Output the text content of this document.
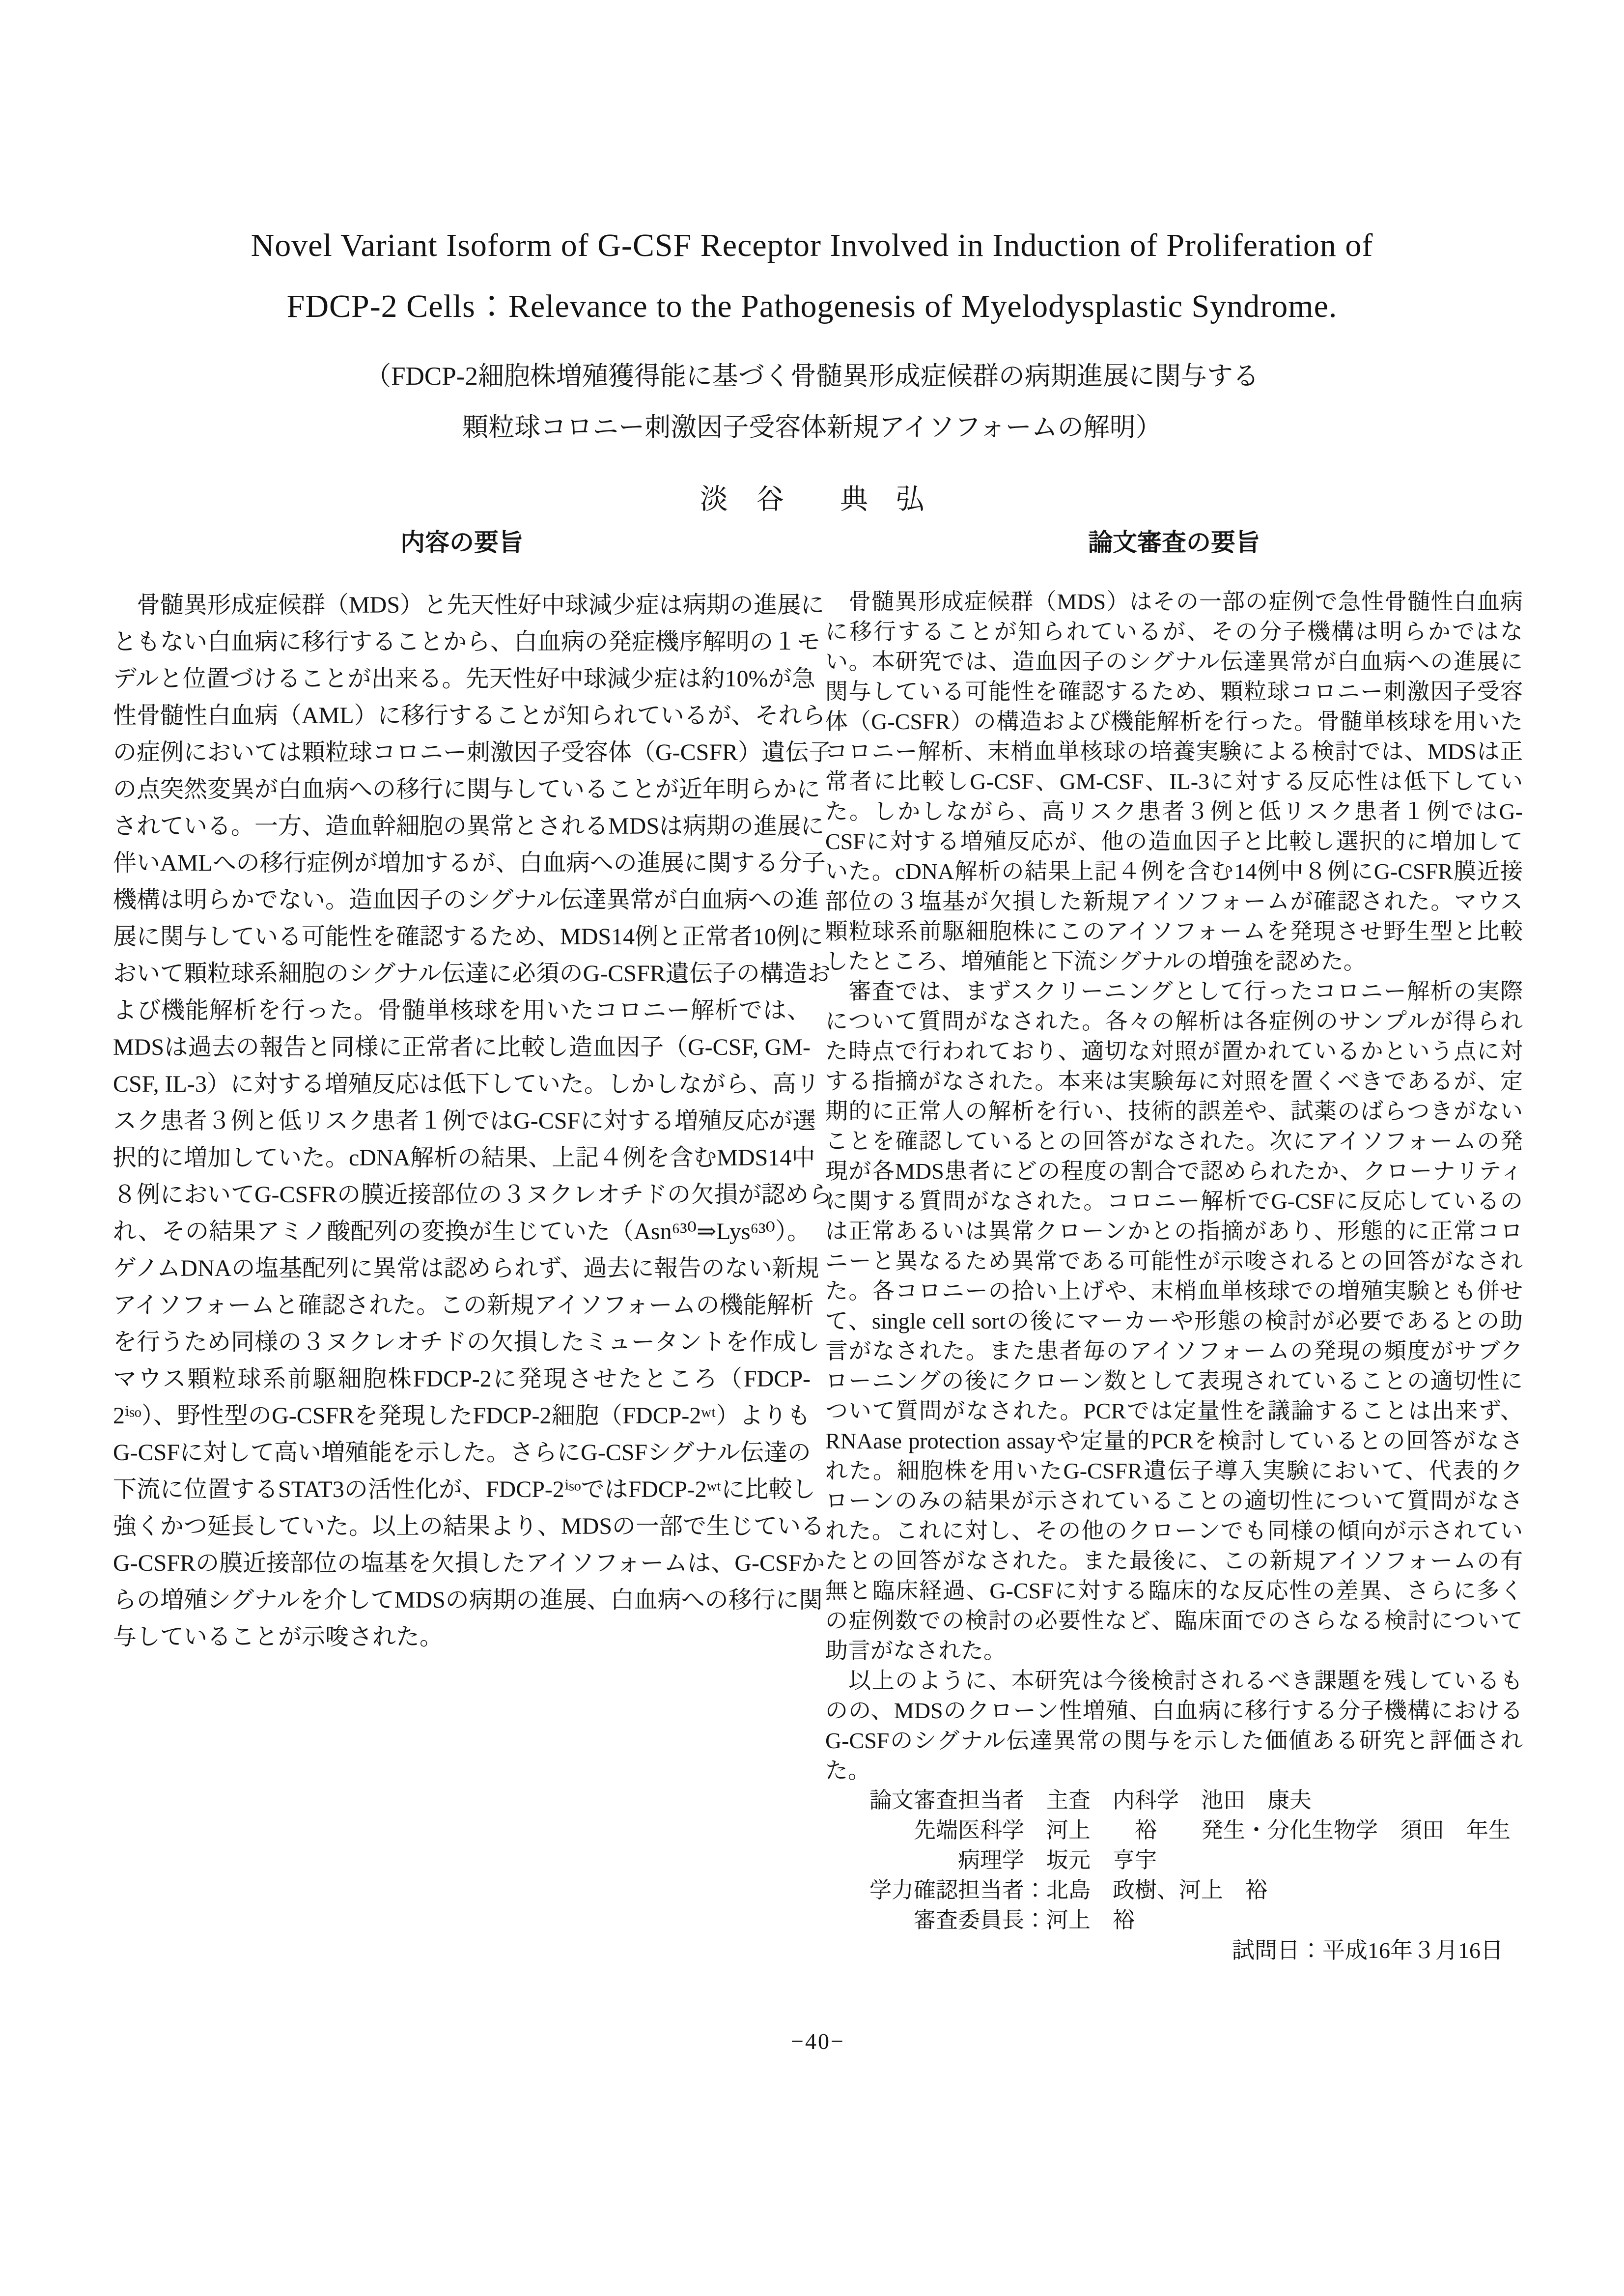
Novel Variant Isoform of G-CSF Receptor Involved in Induction of Proliferation of
FDCP-2 Cells：Relevance to the Pathogenesis of Myelodysplastic Syndrome.
（FDCP-2細胞株増殖獲得能に基づく骨髄異形成症候群の病期進展に関与する
顆粒球コロニー刺激因子受容体新規アイソフォームの解明）
淡　谷　　典　弘
内容の要旨
　骨髄異形成症候群（MDS）と先天性好中球減少症は病期の進展に
ともない白血病に移行することから、白血病の発症機序解明の１モ
デルと位置づけることが出来る。先天性好中球減少症は約10%が急
性骨髄性白血病（AML）に移行することが知られているが、それら
の症例においては顆粒球コロニー刺激因子受容体（G-CSFR）遺伝子
の点突然変異が白血病への移行に関与していることが近年明らかに
されている。一方、造血幹細胞の異常とされるMDSは病期の進展に
伴いAMLへの移行症例が増加するが、白血病への進展に関する分子
機構は明らかでない。造血因子のシグナル伝達異常が白血病への進
展に関与している可能性を確認するため、MDS14例と正常者10例に
おいて顆粒球系細胞のシグナル伝達に必須のG-CSFR遺伝子の構造お
よび機能解析を行った。骨髄単核球を用いたコロニー解析では、
MDSは過去の報告と同様に正常者に比較し造血因子（G-CSF, GM-
CSF, IL-3）に対する増殖反応は低下していた。しかしながら、高リ
スク患者３例と低リスク患者１例ではG-CSFに対する増殖反応が選
択的に増加していた。cDNA解析の結果、上記４例を含むMDS14中
８例においてG-CSFRの膜近接部位の３ヌクレオチドの欠損が認めら
れ、その結果アミノ酸配列の変換が生じていた（Asn⁶³⁰⇒Lys⁶³⁰）。
ゲノムDNAの塩基配列に異常は認められず、過去に報告のない新規
アイソフォームと確認された。この新規アイソフォームの機能解析
を行うため同様の３ヌクレオチドの欠損したミュータントを作成し
マウス顆粒球系前駆細胞株FDCP-2に発現させたところ（FDCP-
2ⁱˢᵒ）、野性型のG-CSFRを発現したFDCP-2細胞（FDCP-2ʷᵗ）よりも
G-CSFに対して高い増殖能を示した。さらにG-CSFシグナル伝達の
下流に位置するSTAT3の活性化が、FDCP-2ⁱˢᵒではFDCP-2ʷᵗに比較し
強くかつ延長していた。以上の結果より、MDSの一部で生じている
G-CSFRの膜近接部位の塩基を欠損したアイソフォームは、G-CSFか
らの増殖シグナルを介してMDSの病期の進展、白血病への移行に関
与していることが示唆された。
論文審査の要旨
　骨髄異形成症候群（MDS）はその一部の症例で急性骨髄性白血病
に移行することが知られているが、その分子機構は明らかではな
い。本研究では、造血因子のシグナル伝達異常が白血病への進展に
関与している可能性を確認するため、顆粒球コロニー刺激因子受容
体（G-CSFR）の構造および機能解析を行った。骨髄単核球を用いた
コロニー解析、末梢血単核球の培養実験による検討では、MDSは正
常者に比較しG-CSF、GM-CSF、IL-3に対する反応性は低下してい
た。しかしながら、高リスク患者３例と低リスク患者１例ではG-
CSFに対する増殖反応が、他の造血因子と比較し選択的に増加して
いた。cDNA解析の結果上記４例を含む14例中８例にG-CSFR膜近接
部位の３塩基が欠損した新規アイソフォームが確認された。マウス
顆粒球系前駆細胞株にこのアイソフォームを発現させ野生型と比較
したところ、増殖能と下流シグナルの増強を認めた。
　審査では、まずスクリーニングとして行ったコロニー解析の実際
について質問がなされた。各々の解析は各症例のサンプルが得られ
た時点で行われており、適切な対照が置かれているかという点に対
する指摘がなされた。本来は実験毎に対照を置くべきであるが、定
期的に正常人の解析を行い、技術的誤差や、試薬のばらつきがない
ことを確認しているとの回答がなされた。次にアイソフォームの発
現が各MDS患者にどの程度の割合で認められたか、クローナリティ
に関する質問がなされた。コロニー解析でG-CSFに反応しているの
は正常あるいは異常クローンかとの指摘があり、形態的に正常コロ
ニーと異なるため異常である可能性が示唆されるとの回答がなされ
た。各コロニーの拾い上げや、末梢血単核球での増殖実験とも併せ
て、single cell sortの後にマーカーや形態の検討が必要であるとの助
言がなされた。また患者毎のアイソフォームの発現の頻度がサブク
ローニングの後にクローン数として表現されていることの適切性に
ついて質問がなされた。PCRでは定量性を議論することは出来ず、
RNAase protection assayや定量的PCRを検討しているとの回答がなさ
れた。細胞株を用いたG-CSFR遺伝子導入実験において、代表的ク
ローンのみの結果が示されていることの適切性について質問がなさ
れた。これに対し、その他のクローンでも同様の傾向が示されてい
たとの回答がなされた。また最後に、この新規アイソフォームの有
無と臨床経過、G-CSFに対する臨床的な反応性の差異、さらに多く
の症例数での検討の必要性など、臨床面でのさらなる検討について
助言がなされた。
　以上のように、本研究は今後検討されるべき課題を残しているも
のの、MDSのクローン性増殖、白血病に移行する分子機構における
G-CSFのシグナル伝達異常の関与を示した価値ある研究と評価され
た。
　　論文審査担当者　主査　内科学　池田　康夫
　　　　先端医科学　河上　　裕　　発生・分化生物学　須田　年生
　　　　　　病理学　坂元　亨宇
　　学力確認担当者：北島　政樹、河上　裕
　　　　審査委員長：河上　裕
試問日：平成16年３月16日
−40−
